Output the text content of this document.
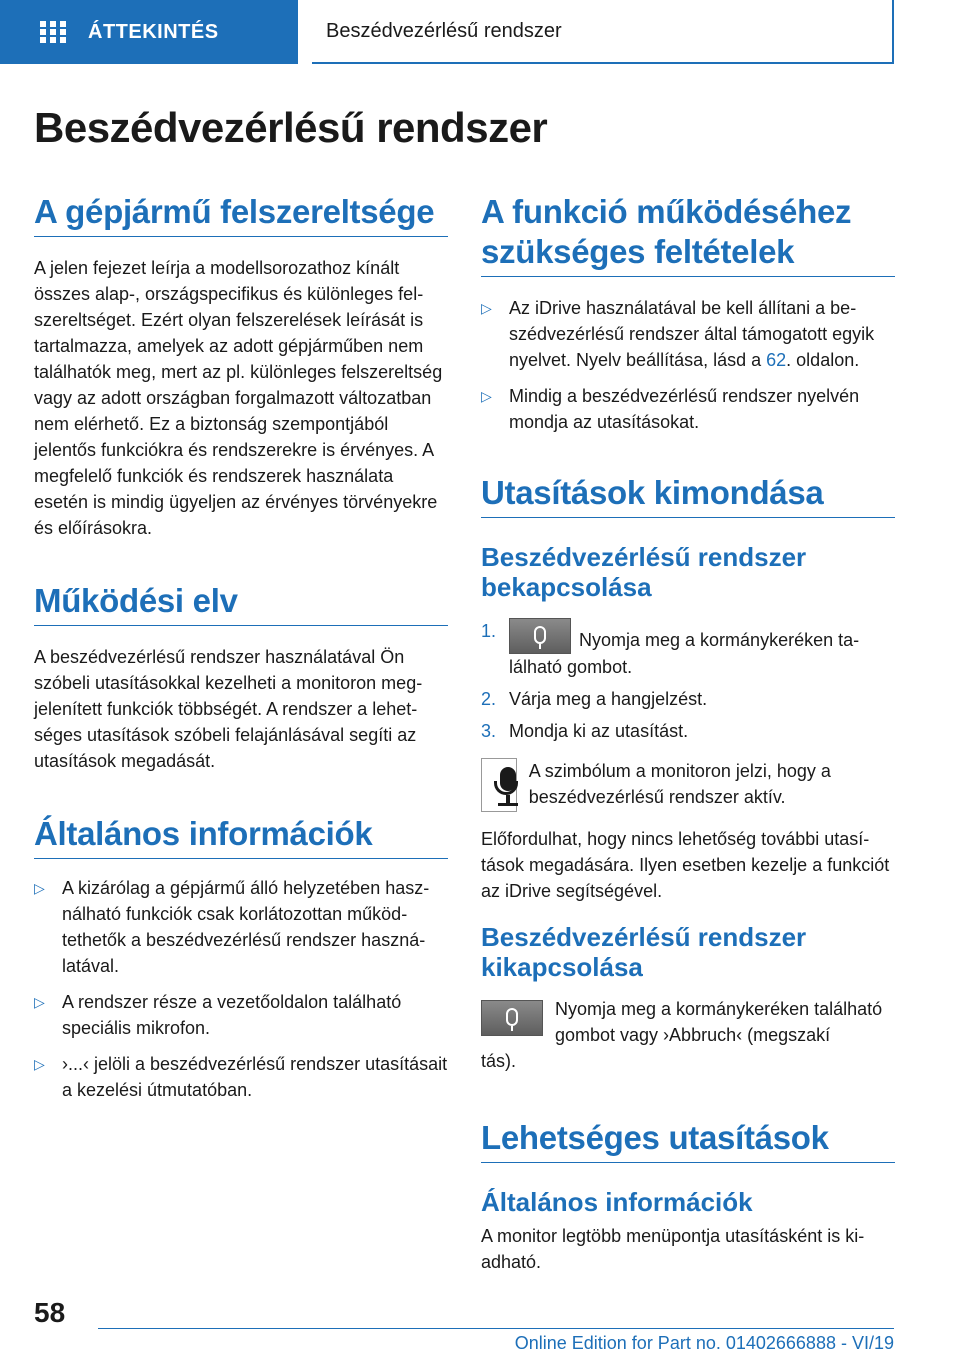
ÁTTEKINTÉS	Beszédvezérlésű rendszer
Beszédvezérlésű rendszer
A gépjármű felszereltsége

A jelen fejezet leírja a modellsorozathoz kínált összes alap-, országspecifikus és különleges felszereltséget. Ezért olyan felszerelések leírását is tartalmazza, amelyek az adott gépjárműben nem találhatók meg, mert az pl. különleges felszereltség vagy az adott országban forgalmazott változatban nem elérhető. Ez a biztonság szempontjából jelentős funkciókra és rendszerekre is érvényes. A megfelelő funkciók és rendszerek használata esetén is mindig ügyeljen az érvényes törvényekre és előírásokra.

Működési elv

A beszédvezérlésű rendszer használatával Ön szóbeli utasításokkal kezelheti a monitoron megjelenített funkciók többségét. A rendszer a lehetséges utasítások szóbeli felajánlásával segíti az utasítások megadását.

Általános információk
▷ A kizárólag a gépjármű álló helyzetében használható funkciók csak korlátozottan működtethetők a beszédvezérlésű rendszer használatával.
▷ A rendszer része a vezetőoldalon található speciális mikrofon.
▷ ›...‹ jelöli a beszédvezérlésű rendszer utasításait a kezelési útmutatóban.
A funkció működéséhez szükséges feltételek
▷ Az iDrive használatával be kell állítani a beszédvezérlésű rendszer által támogatott egyik nyelvet. Nyelv beállítása, lásd a 62. oldalon.
▷ Mindig a beszédvezérlésű rendszer nyelvén mondja az utasításokat.
Utasítások kimondása
Beszédvezérlésű rendszer bekapcsolása
1.	Nyomja meg a kormánykeréken található gombot.
2. Várja meg a hangjelzést.
3. Mondja ki az utasítást.

A szimbólum a monitoron jelzi, hogy a beszédvezérlésű rendszer aktív.

Előfordulhat, hogy nincs lehetőség további utasítások megadására. Ilyen esetben kezelje a funkciót az iDrive segítségével.

Beszédvezérlésű rendszer kikapcsolása

Nyomja meg a kormánykeréken található gombot vagy ›Abbruch‹ (megszakí

tás).

Lehetséges utasítások
Általános információk

A monitor legtöbb menüpontja utasításként is kiadható.

58

Online Edition for Part no. 01402666888 - VI/19
